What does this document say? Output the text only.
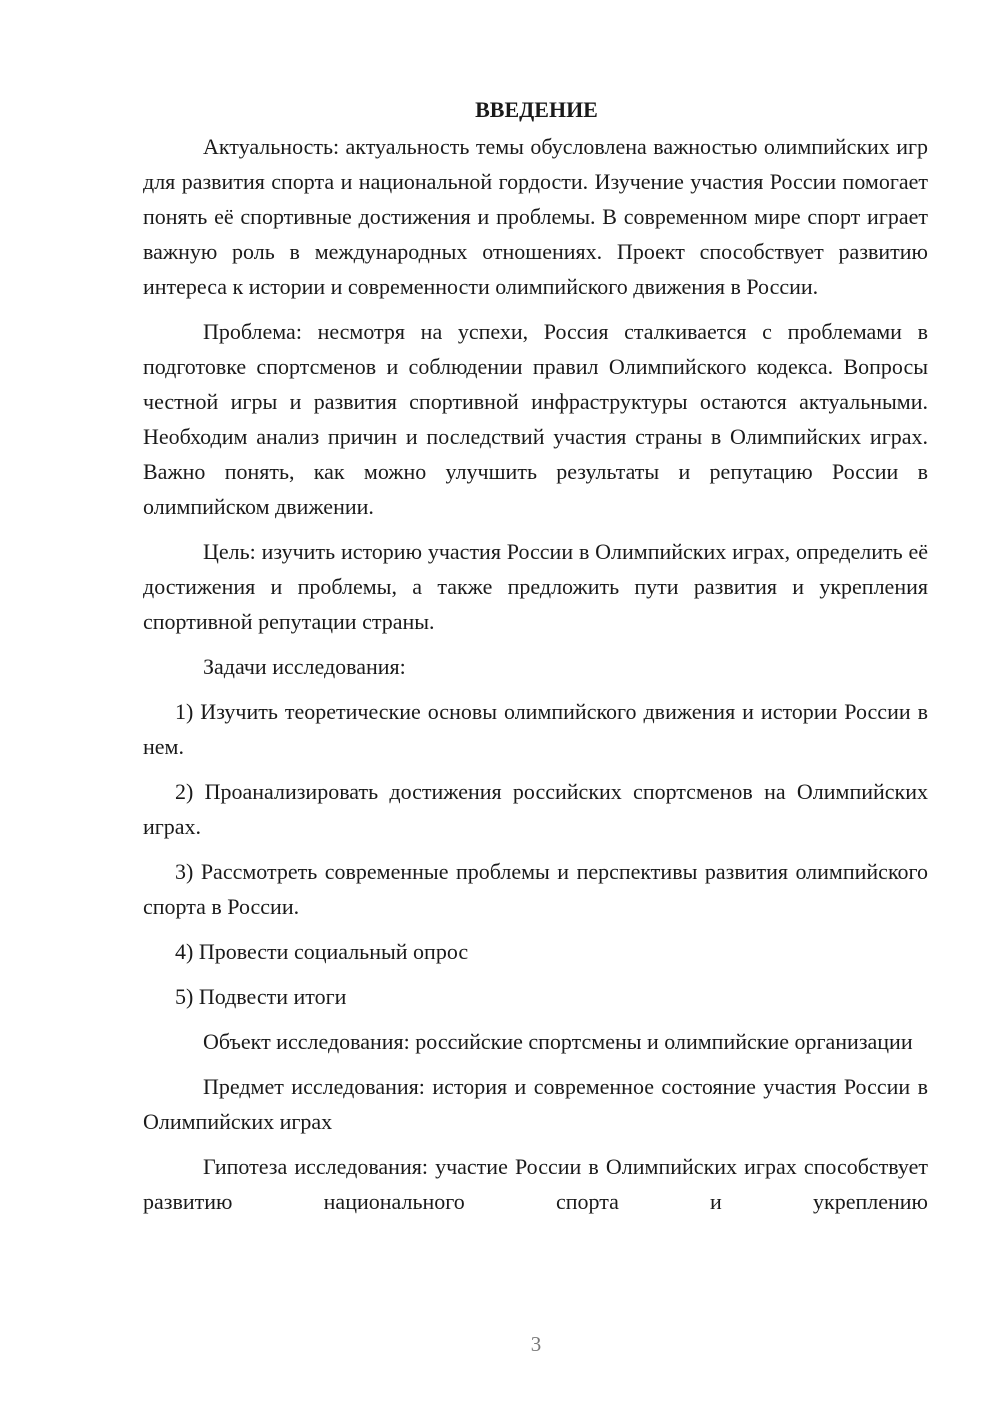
ВВЕДЕНИЕ

Актуальность: актуальность темы обусловлена важностью олимпийских игр для развития спорта и национальной гордости. Изучение участия России помогает понять её спортивные достижения и проблемы. В современном мире спорт играет важную роль в международных отношениях. Проект способствует развитию интереса к истории и современности олимпийского движения в России.

Проблема: несмотря на успехи, Россия сталкивается с проблемами в подготовке спортсменов и соблюдении правил Олимпийского кодекса. Вопросы честной игры и развития спортивной инфраструктуры остаются актуальными. Необходим анализ причин и последствий участия страны в Олимпийских играх. Важно понять, как можно улучшить результаты и репутацию России в олимпийском движении.

Цель: изучить историю участия России в Олимпийских играх, определить её достижения и проблемы, а также предложить пути развития и укрепления спортивной репутации страны.

Задачи исследования:

1) Изучить теоретические основы олимпийского движения и истории России в нем.

2) Проанализировать достижения российских спортсменов на Олимпийских играх.

3) Рассмотреть современные проблемы и перспективы развития олимпийского спорта в России.

4) Провести социальный опрос

5) Подвести итоги

Объект исследования: российские спортсмены и олимпийские организации

Предмет исследования: история и современное состояние участия России в Олимпийских играх

Гипотеза исследования: участие России в Олимпийских играх способствует развитию национального спорта и укреплению

3
